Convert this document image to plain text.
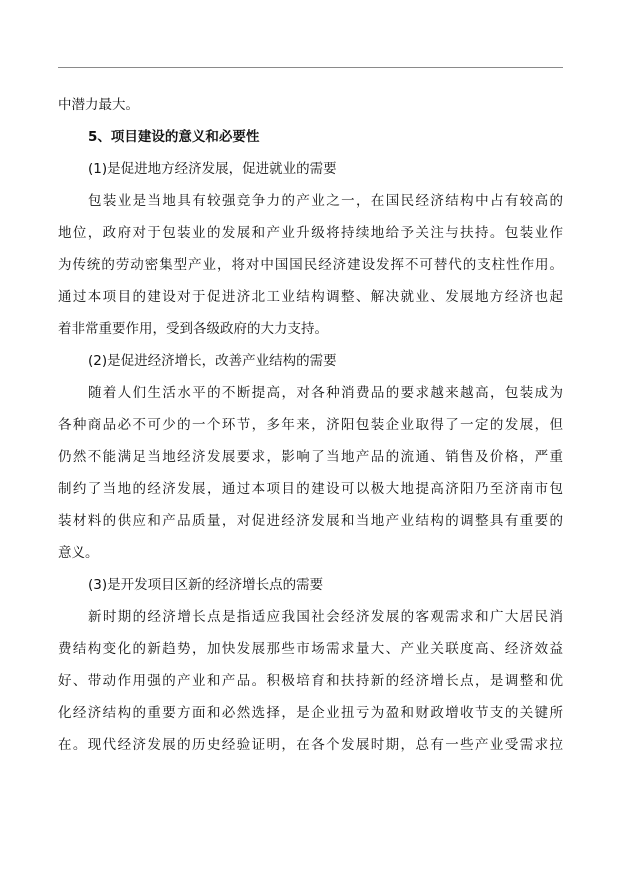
中潜力最大。
5、项目建设的意义和必要性
(1)是促进地方经济发展，促进就业的需要
包装业是当地具有较强竞争力的产业之一，在国民经济结构中占有较高的
地位，政府对于包装业的发展和产业升级将持续地给予关注与扶持。包装业作
为传统的劳动密集型产业，将对中国国民经济建设发挥不可替代的支柱性作用。
通过本项目的建设对于促进济北工业结构调整、解决就业、发展地方经济也起
着非常重要作用，受到各级政府的大力支持。
(2)是促进经济增长，改善产业结构的需要
随着人们生活水平的不断提高，对各种消费品的要求越来越高，包装成为
各种商品必不可少的一个环节，多年来，济阳包装企业取得了一定的发展，但
仍然不能满足当地经济发展要求，影响了当地产品的流通、销售及价格，严重
制约了当地的经济发展，通过本项目的建设可以极大地提高济阳乃至济南市包
装材料的供应和产品质量，对促进经济发展和当地产业结构的调整具有重要的
意义。
(3)是开发项目区新的经济增长点的需要
新时期的经济增长点是指适应我国社会经济发展的客观需求和广大居民消
费结构变化的新趋势，加快发展那些市场需求量大、产业关联度高、经济效益
好、带动作用强的产业和产品。积极培育和扶持新的经济增长点，是调整和优
化经济结构的重要方面和必然选择，是企业扭亏为盈和财政增收节支的关键所
在。现代经济发展的历史经验证明，在各个发展时期，总有一些产业受需求拉
